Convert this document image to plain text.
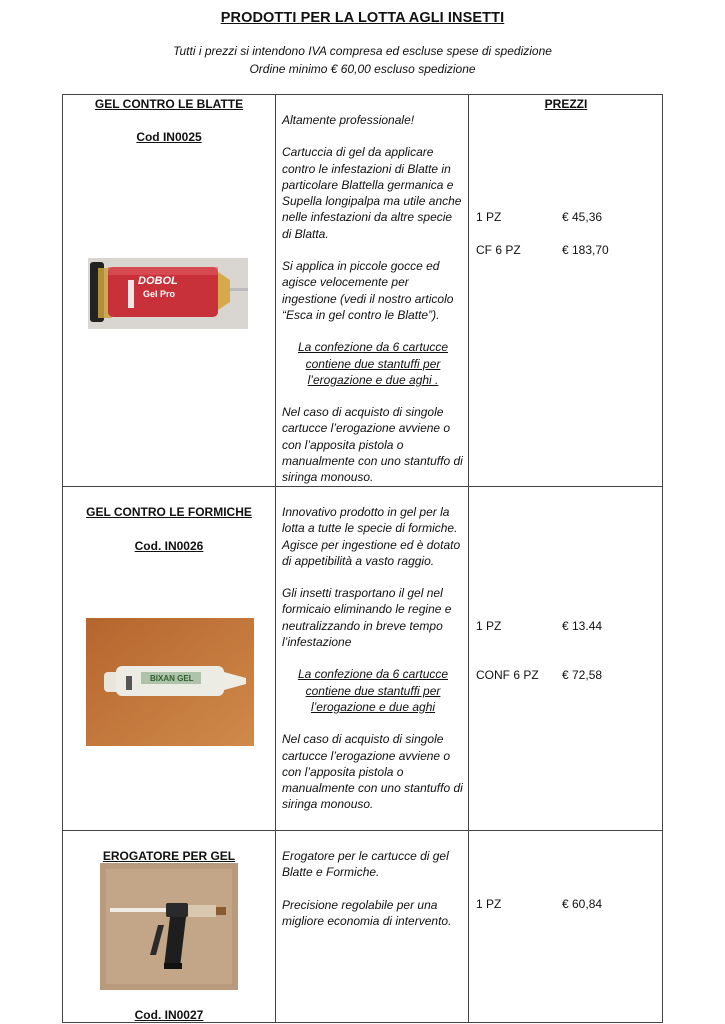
PRODOTTI PER LA LOTTA AGLI INSETTI
Tutti i prezzi si intendono IVA compresa ed escluse spese di spedizione
Ordine minimo € 60,00 escluso spedizione
GEL CONTRO LE BLATTE
Cod IN0025
DOBOL
Gel Pro

Altamente professionale!

Cartuccia di gel da applicare contro le infestazioni di Blatte in particolare Blattella germanica e Supella longipalpa ma utile anche nelle infestazioni da altre specie di Blatta.

Si applica in piccole gocce ed agisce velocemente per ingestione (vedi il nostro articolo “Esca in gel contro le Blatte”).

La confezione da 6 cartucce contiene due stantuffi per l’erogazione e due aghi .

Nel caso di acquisto di singole cartucce l’erogazione avviene o con l’apposita pistola o manualmente con uno stantuffo di siringa monouso.

PREZZI
1 PZ	€ 45,36
CF 6 PZ	€ 183,70
GEL CONTRO LE FORMICHE
Cod. IN0026
BIXAN GEL

Innovativo prodotto in gel per la lotta a tutte le specie di formiche.
Agisce per ingestione ed è dotato di appetibilità a vasto raggio.

Gli insetti trasportano il gel nel formicaio eliminando le regine e neutralizzando in breve tempo l’infestazione

La confezione da 6 cartucce contiene due stantuffi per l’erogazione e due aghi

Nel caso di acquisto di singole cartucce l’erogazione avviene o con l’apposita pistola o manualmente con uno stantuffo di siringa monouso.

1 PZ	€ 13.44
CONF 6 PZ € 72,58
EROGATORE PER GEL
Cod. IN0027

Erogatore per le cartucce di gel Blatte e Formiche.

Precisione regolabile per una migliore economia di intervento.

1 PZ	€ 60,84
